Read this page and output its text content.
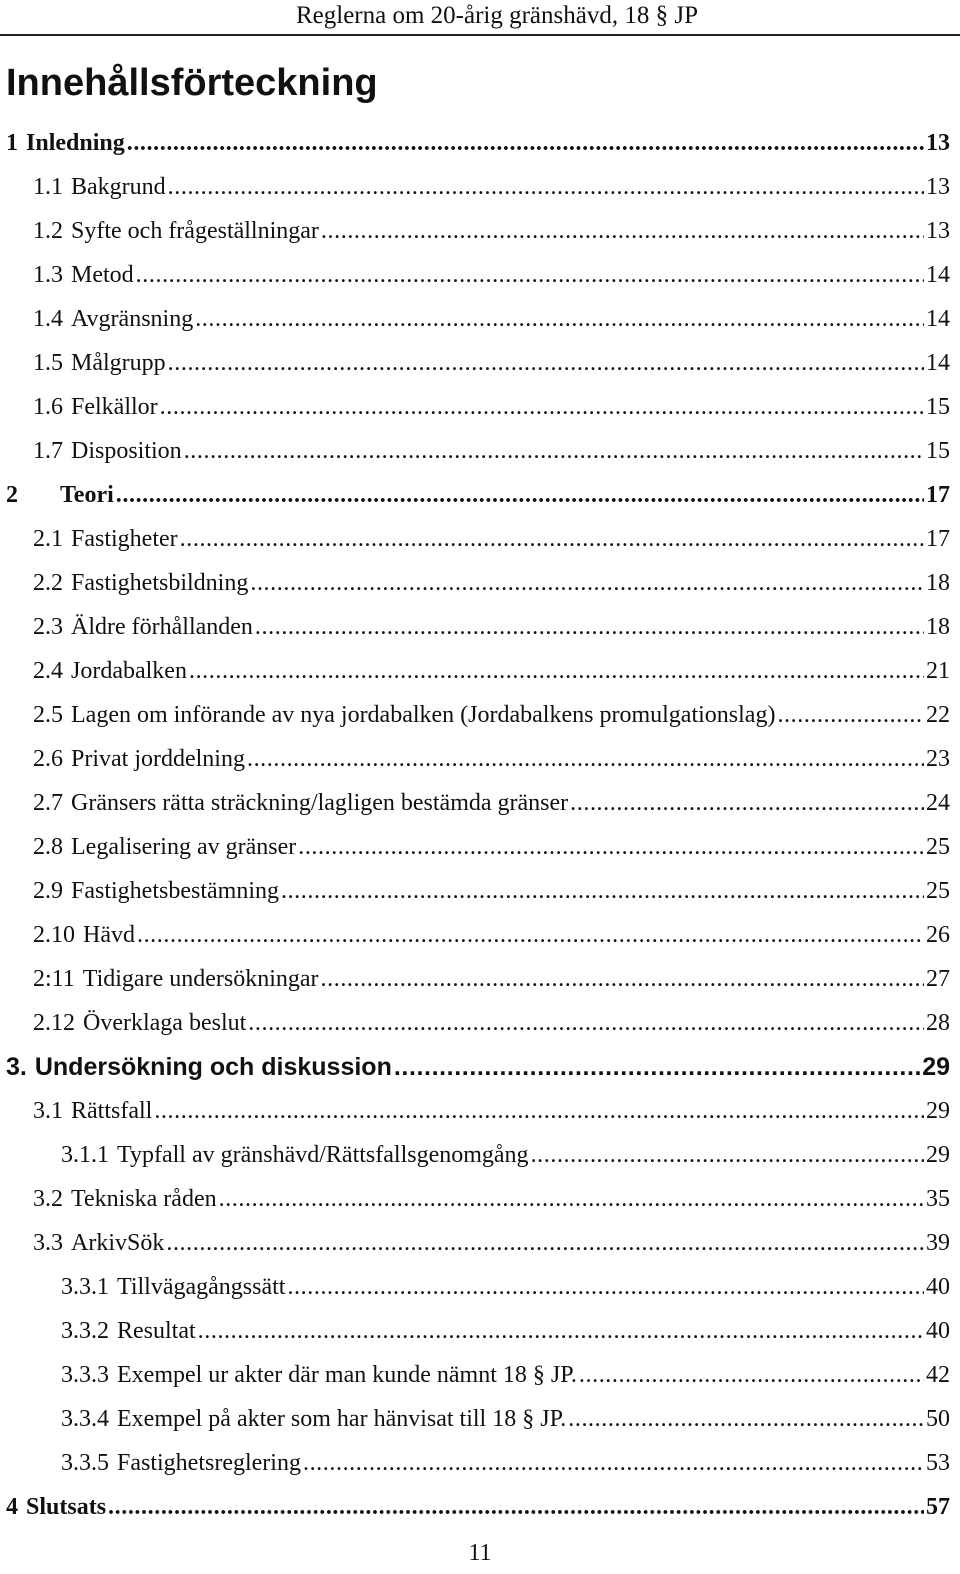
Reglerna om 20-årig gränshävd, 18 § JP
Innehållsförteckning
1 Inledning .....	13
1.1 Bakgrund .....	13
1.2 Syfte och frågeställningar .....	13
1.3 Metod .....	14
1.4 Avgränsning .....	14
1.5 Målgrupp .....	14
1.6 Felkällor .....	15
1.7 Disposition .....	15
2	Teori .....	17
2.1 Fastigheter .....	17
2.2 Fastighetsbildning .....	18
2.3 Äldre förhållanden .....	18
2.4 Jordabalken .....	21
2.5 Lagen om införande av nya jordabalken (Jordabalkens promulgationslag) .....	22
2.6 Privat jorddelning .....	23
2.7 Gränsers rätta sträckning/lagligen bestämda gränser .....	24
2.8 Legalisering av gränser .....	25
2.9 Fastighetsbestämning .....	25
2.10 Hävd .....	26
2:11 Tidigare undersökningar .....	27
2.12 Överklaga beslut .....	28
3. Undersökning och diskussion .....	29
3.1 Rättsfall .....	29
3.1.1 Typfall av gränshävd/Rättsfallsgenomgång .....	29
3.2 Tekniska råden .....	35
3.3 ArkivSök .....	39
3.3.1 Tillvägagångssätt .....	40
3.3.2 Resultat .....	40
3.3.3 Exempel ur akter där man kunde nämnt 18 § JP. .....	42
3.3.4 Exempel på akter som har hänvisat till 18 § JP. .....	50
3.3.5 Fastighetsreglering .....	53
4 Slutsats .....	57
11
